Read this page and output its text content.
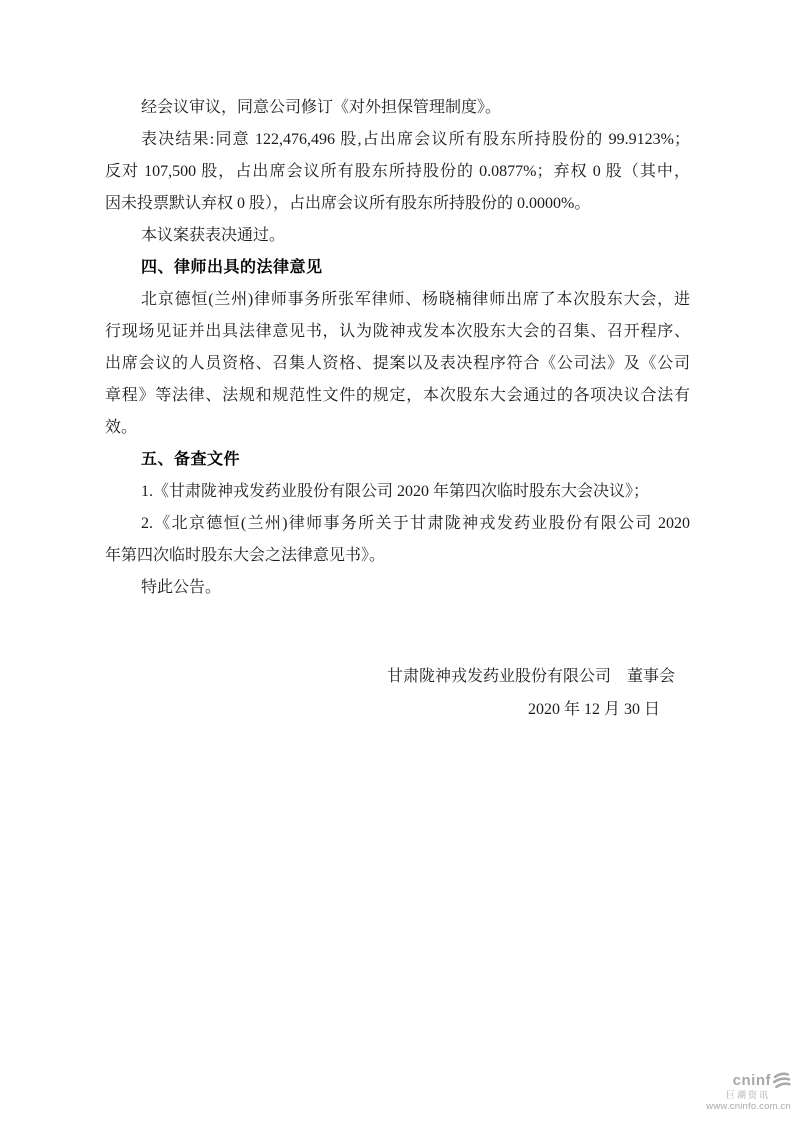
经会议审议，同意公司修订《对外担保管理制度》。
表决结果:同意 122,476,496 股,占出席会议所有股东所持股份的 99.9123%；
反对 107,500 股，占出席会议所有股东所持股份的 0.0877%；弃权 0 股（其中，
因未投票默认弃权 0 股），占出席会议所有股东所持股份的 0.0000%。
本议案获表决通过。
四、律师出具的法律意见
北京德恒(兰州)律师事务所张军律师、杨晓楠律师出席了本次股东大会，进
行现场见证并出具法律意见书，认为陇神戎发本次股东大会的召集、召开程序、
出席会议的人员资格、召集人资格、提案以及表决程序符合《公司法》及《公司
章程》等法律、法规和规范性文件的规定，本次股东大会通过的各项决议合法有
效。
五、备查文件
1.《甘肃陇神戎发药业股份有限公司 2020 年第四次临时股东大会决议》；
2.《北京德恒(兰州)律师事务所关于甘肃陇神戎发药业股份有限公司 2020
年第四次临时股东大会之法律意见书》。
特此公告。
甘肃陇神戎发药业股份有限公司　董事会
2020 年 12 月 30 日
cninf
巨潮资讯
www.cninfo.com.cn
